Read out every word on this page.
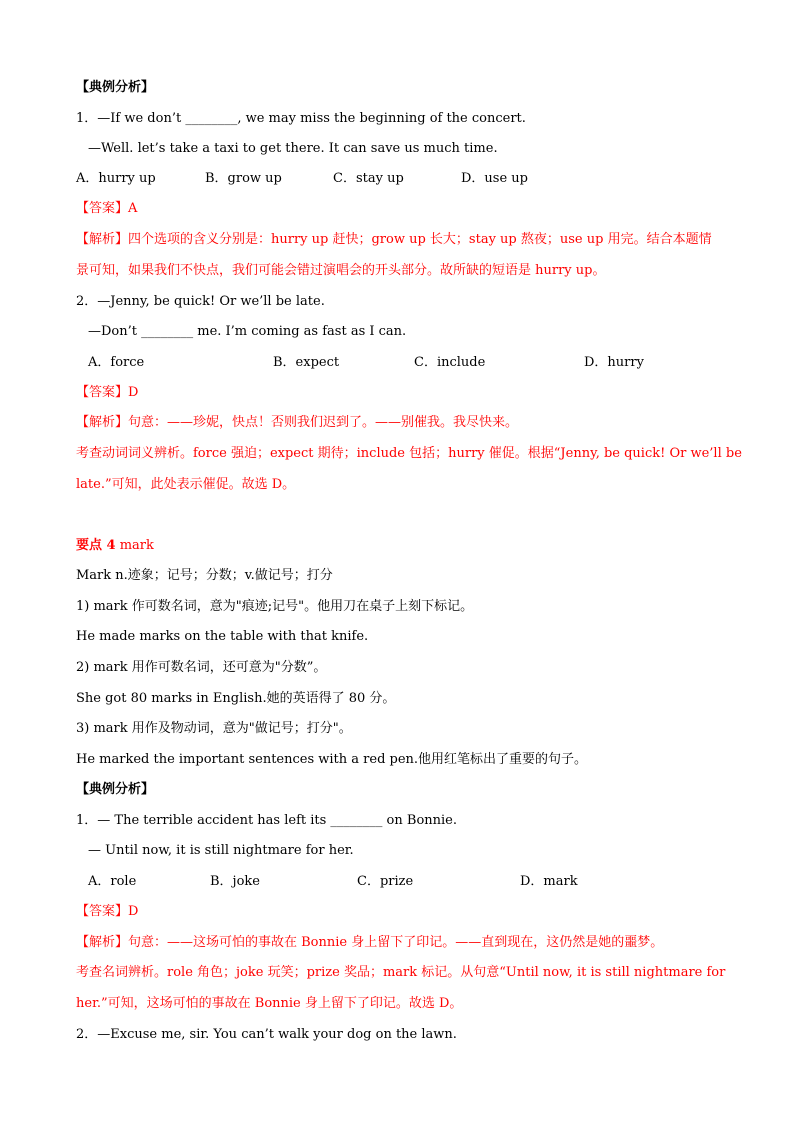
【典例分析】
1．—If we don’t ________, we may miss the beginning of the concert.
—Well. let’s take a taxi to get there. It can save us much time.
A．hurry up	B．grow up	C．stay up	D．use up
【答案】A
【解析】四个选项的含义分别是：hurry up 赶快；grow up 长大；stay up 熬夜；use up 用完。结合本题情
景可知，如果我们不快点，我们可能会错过演唱会的开头部分。故所缺的短语是 hurry up。
2．—Jenny, be quick! Or we’ll be late.
—Don’t ________ me. I’m coming as fast as I can.
A．force	B．expect	C．include	D．hurry
【答案】D
【解析】句意：——珍妮，快点！否则我们迟到了。——别催我。我尽快来。
考查动词词义辨析。force 强迫；expect 期待；include 包括；hurry 催促。根据“Jenny, be quick! Or we’ll be
late.”可知，此处表示催促。故选 D。
要点 4 mark
Mark n.迹象；记号；分数；v.做记号；打分
1) mark 作可数名词，意为"痕迹;记号"。他用刀在桌子上刻下标记。
He made marks on the table with that knife.
2) mark 用作可数名词，还可意为"分数”。
She got 80 marks in English.她的英语得了 80 分。
3) mark 用作及物动词，意为"做记号；打分"。
He marked the important sentences with a red pen.他用红笔标出了重要的句子。
【典例分析】
1．— The terrible accident has left its ________ on Bonnie.
— Until now, it is still nightmare for her.
A．role	B．joke	C．prize	D．mark
【答案】D
【解析】句意：——这场可怕的事故在 Bonnie 身上留下了印记。——直到现在，这仍然是她的噩梦。
考查名词辨析。role 角色；joke 玩笑；prize 奖品；mark 标记。从句意“Until now, it is still nightmare for
her.”可知，这场可怕的事故在 Bonnie 身上留下了印记。故选 D。
2．—Excuse me, sir. You can’t walk your dog on the lawn.
